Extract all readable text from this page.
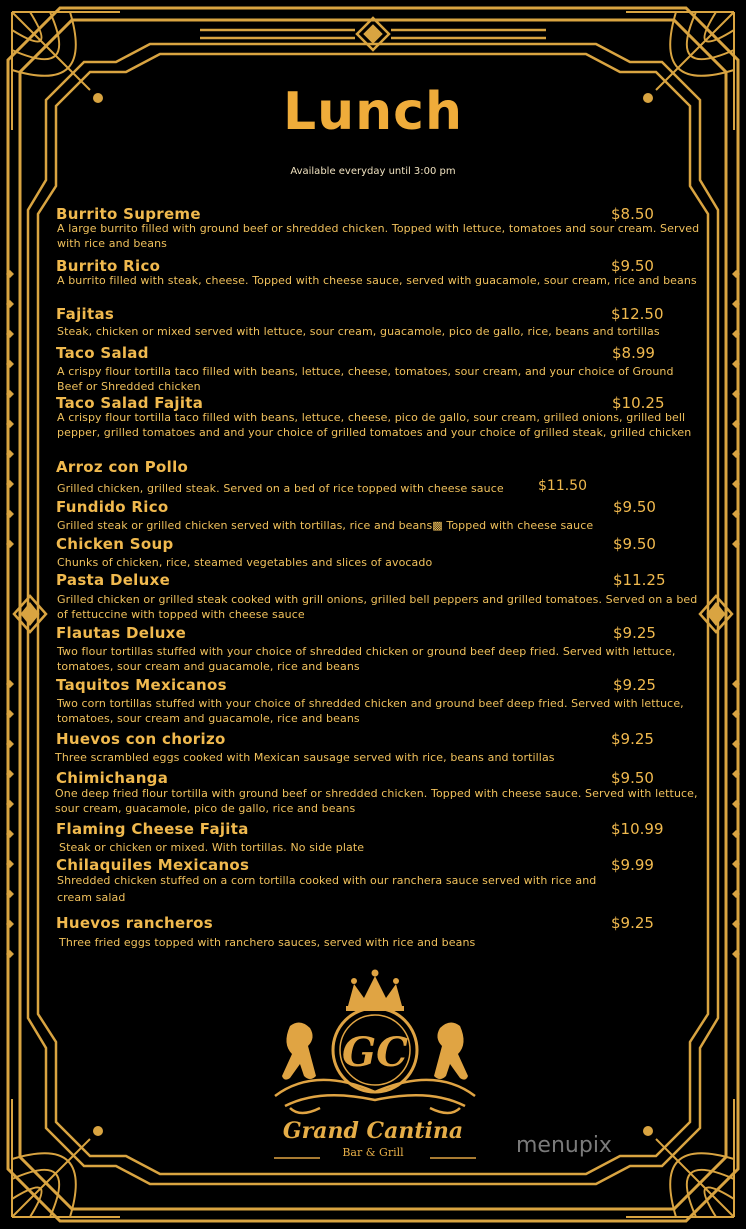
Lunch
Available everyday until 3:00 pm
Burrito Supreme	$8.50
A large burrito filled with ground beef or shredded chicken. Topped with lettuce, tomatoes and sour cream. Served with rice and beans
Burrito Rico	$9.50
A burrito filled with steak, cheese. Topped with cheese sauce, served with guacamole, sour cream, rice and beans
Fajitas	$12.50
Steak, chicken or mixed served with lettuce, sour cream, guacamole, pico de gallo, rice, beans and tortillas
Taco Salad	$8.99
A crispy flour tortilla taco filled with beans, lettuce, cheese, tomatoes, sour cream, and your choice of Ground Beef or Shredded chicken
Taco Salad Fajita	$10.25
A crispy flour tortilla taco filled with beans, lettuce, cheese, pico de gallo, sour cream, grilled onions, grilled bell pepper, grilled tomatoes and and your choice of grilled tomatoes and your choice of grilled steak, grilled chicken
Arroz con Pollo
Grilled chicken, grilled steak. Served on a bed of rice topped with cheese sauce	$11.50
Fundido Rico	$9.50
Grilled steak or grilled chicken served with tortillas, rice and beans▩ Topped with cheese sauce
Chicken Soup	$9.50
Chunks of chicken, rice, steamed vegetables and slices of avocado
Pasta Deluxe	$11.25
Grilled chicken or grilled steak cooked with grill onions, grilled bell peppers and grilled tomatoes. Served on a bed of fettuccine with topped with cheese sauce
Flautas Deluxe	$9.25
Two flour tortillas stuffed with your choice of shredded chicken or ground beef deep fried. Served with lettuce, tomatoes, sour cream and guacamole, rice and beans
Taquitos Mexicanos	$9.25
Two corn tortillas stuffed with your choice of shredded chicken and ground beef deep fried. Served with lettuce, tomatoes, sour cream and guacamole, rice and beans
Huevos con chorizo	$9.25
Three scrambled eggs cooked with Mexican sausage served with rice, beans and tortillas
Chimichanga	$9.50
One deep fried flour tortilla with ground beef or shredded chicken. Topped with cheese sauce. Served with lettuce, sour cream, guacamole, pico de gallo, rice and beans
Flaming Cheese Fajita	$10.99
Steak or chicken or mixed. With tortillas. No side plate
Chilaquiles Mexicanos	$9.99
Shredded chicken stuffed on a corn tortilla cooked with our ranchera sauce served with rice and cream salad
Huevos rancheros	$9.25
Three fried eggs topped with ranchero sauces, served with rice and beans
GC
Grand Cantina
Bar & Grill	menupix
